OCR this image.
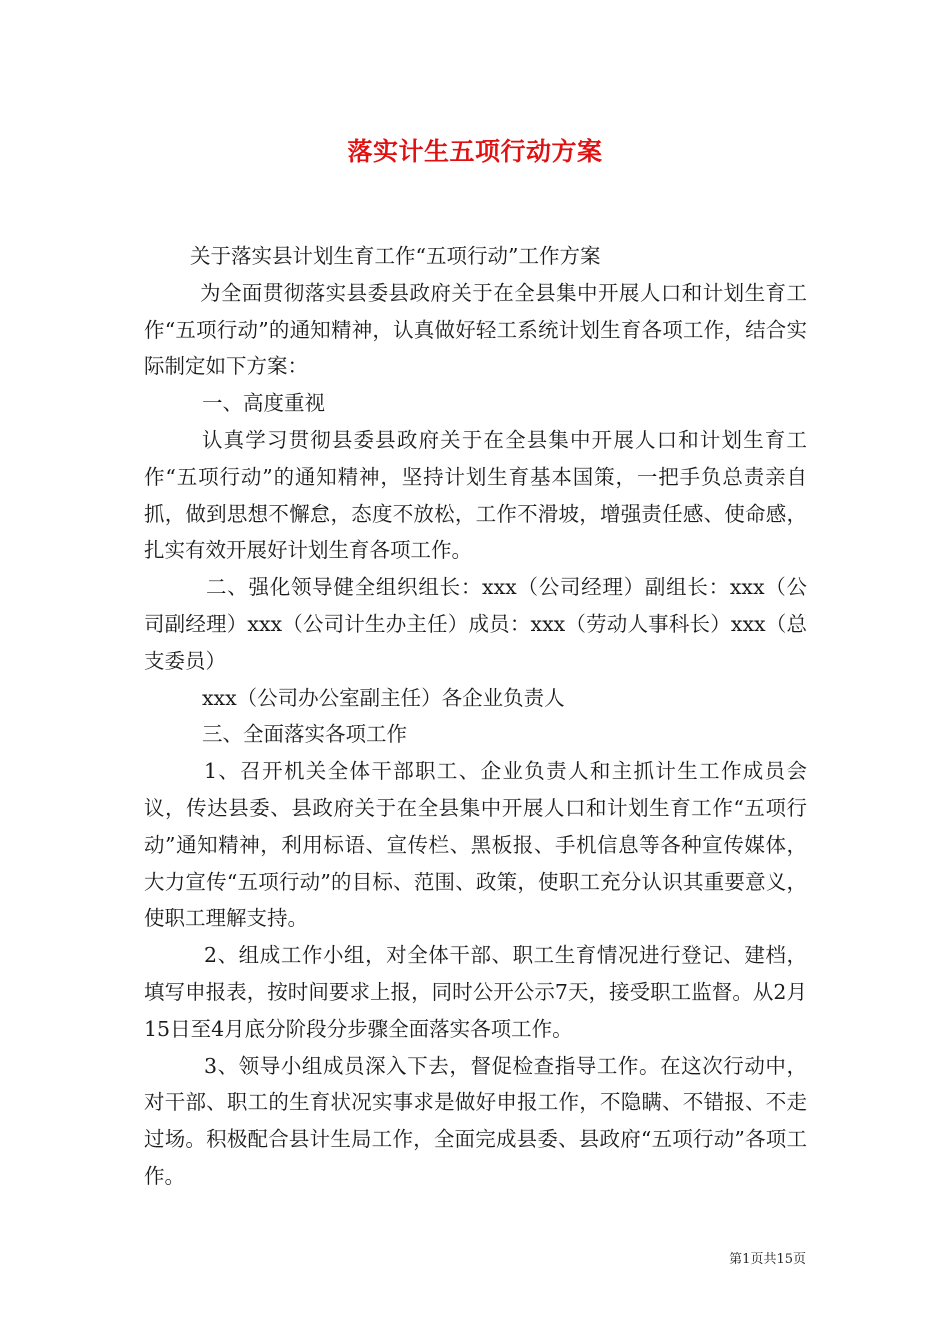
落实计生五项行动方案

关于落实县计划生育工作“五项行动”工作方案

为全面贯彻落实县委县政府关于在全县集中开展人口和计划生育工作“五项行动”的通知精神，认真做好轻工系统计划生育各项工作，结合实际制定如下方案：

一、高度重视

认真学习贯彻县委县政府关于在全县集中开展人口和计划生育工作“五项行动”的通知精神，坚持计划生育基本国策，一把手负总责亲自抓，做到思想不懈怠，态度不放松，工作不滑坡，增强责任感、使命感，扎实有效开展好计划生育各项工作。

二、强化领导健全组织组长：xxx（公司经理）副组长：xxx（公司副经理）xxx（公司计生办主任）成员：xxx（劳动人事科长）xxx（总支委员）

xxx（公司办公室副主任）各企业负责人

三、全面落实各项工作

1、召开机关全体干部职工、企业负责人和主抓计生工作成员会议，传达县委、县政府关于在全县集中开展人口和计划生育工作“五项行动”通知精神，利用标语、宣传栏、黑板报、手机信息等各种宣传媒体，大力宣传“五项行动”的目标、范围、政策，使职工充分认识其重要意义，使职工理解支持。

2、组成工作小组，对全体干部、职工生育情况进行登记、建档，填写申报表，按时间要求上报，同时公开公示7天，接受职工监督。从2月15日至4月底分阶段分步骤全面落实各项工作。

3、领导小组成员深入下去，督促检查指导工作。在这次行动中，对干部、职工的生育状况实事求是做好申报工作，不隐瞒、不错报、不走过场。积极配合县计生局工作，全面完成县委、县政府“五项行动”各项工作。

第1页共15页
